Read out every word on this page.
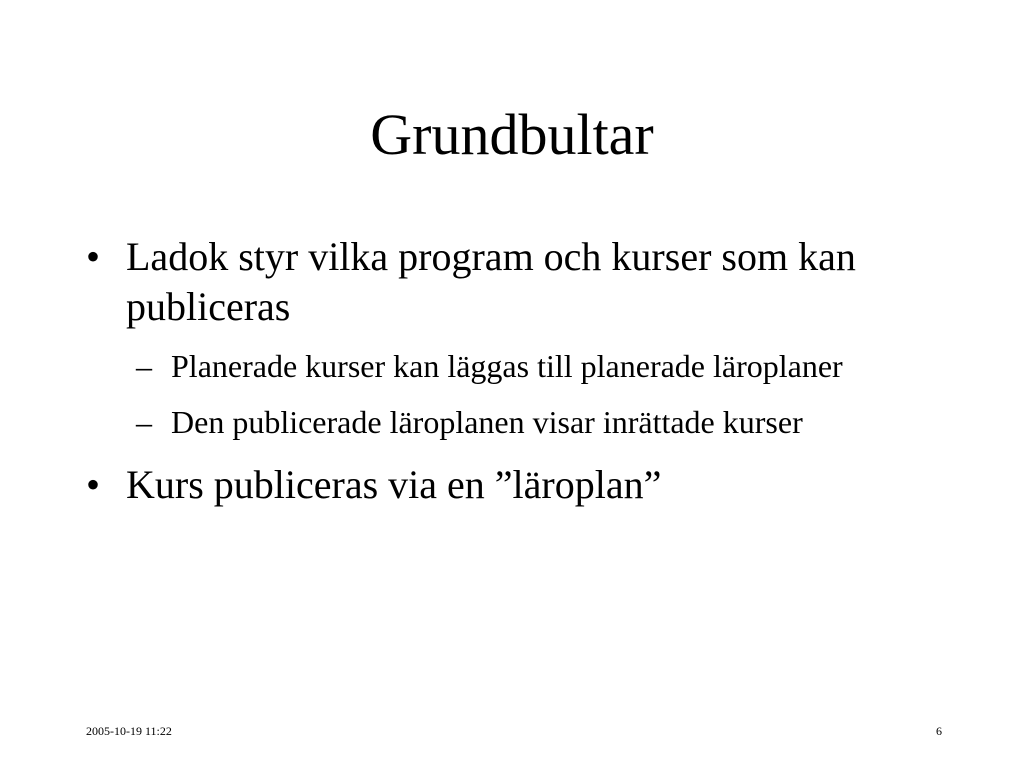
Grundbultar
• Ladok styr vilka program och kurser som kan publiceras
– Planerade kurser kan läggas till planerade läroplaner
– Den publicerade läroplanen visar inrättade kurser
• Kurs publiceras via en ”läroplan”
2005-10-19 11:22	6
